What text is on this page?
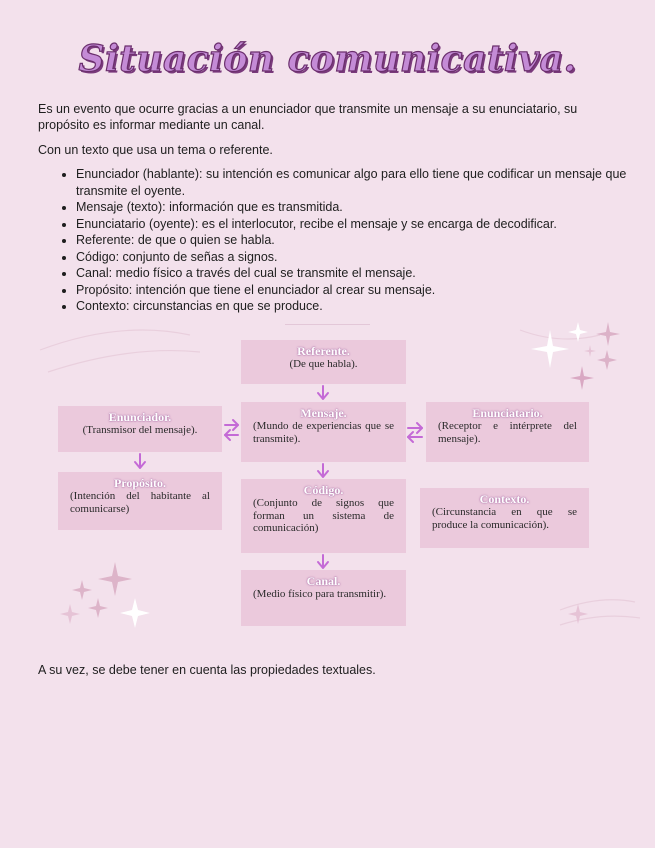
Situación comunicativa.

Es un evento que ocurre gracias a un enunciador que transmite un mensaje a su enunciatario, su propósito es informar mediante un canal.

Con un texto que usa un tema o referente.

• Enunciador (hablante): su intención es comunicar algo para ello tiene que codificar un mensaje que transmite el oyente.
• Mensaje (texto): información que es transmitida.
• Enunciatario (oyente): es el interlocutor, recibe el mensaje y se encarga de decodificar.
• Referente: de que o quien se habla.
• Código: conjunto de señas a signos.
• Canal: medio físico a través del cual se transmite el mensaje.
• Propósito: intención que tiene el enunciador al crear su mensaje.
• Contexto: circunstancias en que se produce.
Referente.
(De que habla).
Mensaje.
(Mundo de experiencias que se transmite).
Enunciador.
(Transmisor del mensaje).
Enunciatario.
(Receptor e intérprete del mensaje).
Propósito.
(Intención del habitante al comunicarse)
Código.
(Conjunto de signos que forman un sistema de comunicación)
Contexto.
(Circunstancia en que se produce la comunicación).
Canal.
(Medio físico para transmitir).

A su vez, se debe tener en cuenta las propiedades textuales.
